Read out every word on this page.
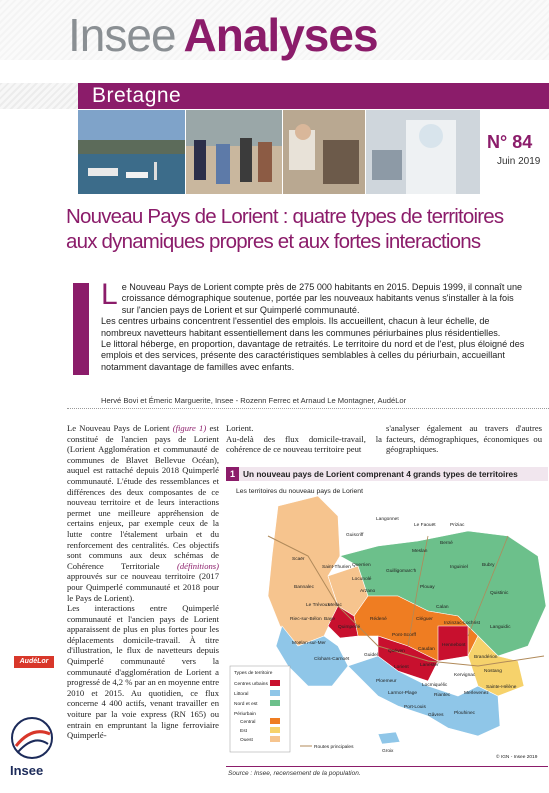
Insee Analyses
Bretagne
N° 84
Juin 2019
Nouveau Pays de Lorient : quatre types de territoires aux dynamiques propres et aux fortes interactions

Le Nouveau Pays de Lorient compte près de 275 000 habitants en 2015. Depuis 1999, il connaît une croissance démographique soutenue, portée par les nouveaux habitants venus s'installer à la fois sur l'ancien pays de Lorient et sur Quimperlé communauté.

Les centres urbains concentrent l'essentiel des emplois. Ils accueillent, chacun à leur échelle, de nombreux navetteurs habitant essentiellement dans les communes périurbaines plus résidentielles.

Le littoral héberge, en proportion, davantage de retraités. Le territoire du nord et de l'est, plus éloigné des emplois et des services, présente des caractéristiques semblables à celles du périurbain, accueillant notamment davantage de familles avec enfants.

Hervé Bovi et Émeric Marguerite, Insee - Rozenn Ferrec et Arnaud Le Montagner, AudéLor
Le Nouveau Pays de Lorient (figure 1) est constitué de l'ancien pays de Lorient (Lorient Agglomération et communauté de communes de Blavet Bellevue Océan), auquel est rattaché depuis 2018 Quimperlé communauté. L'étude des ressemblances et différences des deux composantes de ce nouveau territoire et de leurs interactions permet une meilleure appréhension de certains enjeux, par exemple ceux de la lutte contre l'étalement urbain et du renforcement des centralités. Ces objectifs sont communs aux deux schémas de Cohérence Territoriale (définitions) approuvés sur ce nouveau territoire (2017 pour Quimperlé communauté et 2018 pour le Pays de Lorient).
Les interactions entre Quimperlé communauté et l'ancien pays de Lorient apparaissent de plus en plus fortes pour les déplacements domicile-travail. À titre d'illustration, le flux de navetteurs depuis Quimperlé communauté vers la communauté d'agglomération de Lorient a progressé de 4,2 % par an en moyenne entre 2010 et 2015. Au quotidien, ce flux concerne 4 400 actifs, venant travailler en voiture par la voie express (RN 165) ou entrain en empruntant la ligne ferroviaire Quimperlé-
Lorient.
Au-delà des flux domicile-travail, la cohérence de ce nouveau territoire peut
s'analyser également au travers d'autres facteurs, démographiques, économiques ou géographiques.
1 Un nouveau pays de Lorient comprenant 4 grands types de territoires
Les territoires du nouveau pays de Lorient
Scaër
Guiscriff
Le Faouët	Priziac
Langonnet
Querrien
Meslan
Berné
Inguiniel	Bubry
Bannalec
Saint-Thurien
Locunolé
Arzano
Guilligomarc'h
Plouay
Quistinic
Le Trévoux
Mellac
Baye
Quimperlé
Riec-sur-Bélon
Moëlan-sur-Mer
Clohars-Carnoët
Rédené	Cléguer
Calan
Inzinzac-Lochrist
Languidic
Guidel
Pont-Scorff
Caudan
Hennebont
Quéven
Lorient Lanester
Brandérion
Kervignac
Nostang
Ploemeur
Larmor-Plage
Locmiquélic
Riantec	Merlevenez
Sainte-Hélène
Port-Louis
Plouhinec
Gâvres
Groix
Types de territoire
Centres urbains
Littoral
Nord et est
Périurbain
Central
Est
Ouest
Routes principales
© IGN - Insee 2019
Source : Insee, recensement de la population.
AudéLor
Insee
